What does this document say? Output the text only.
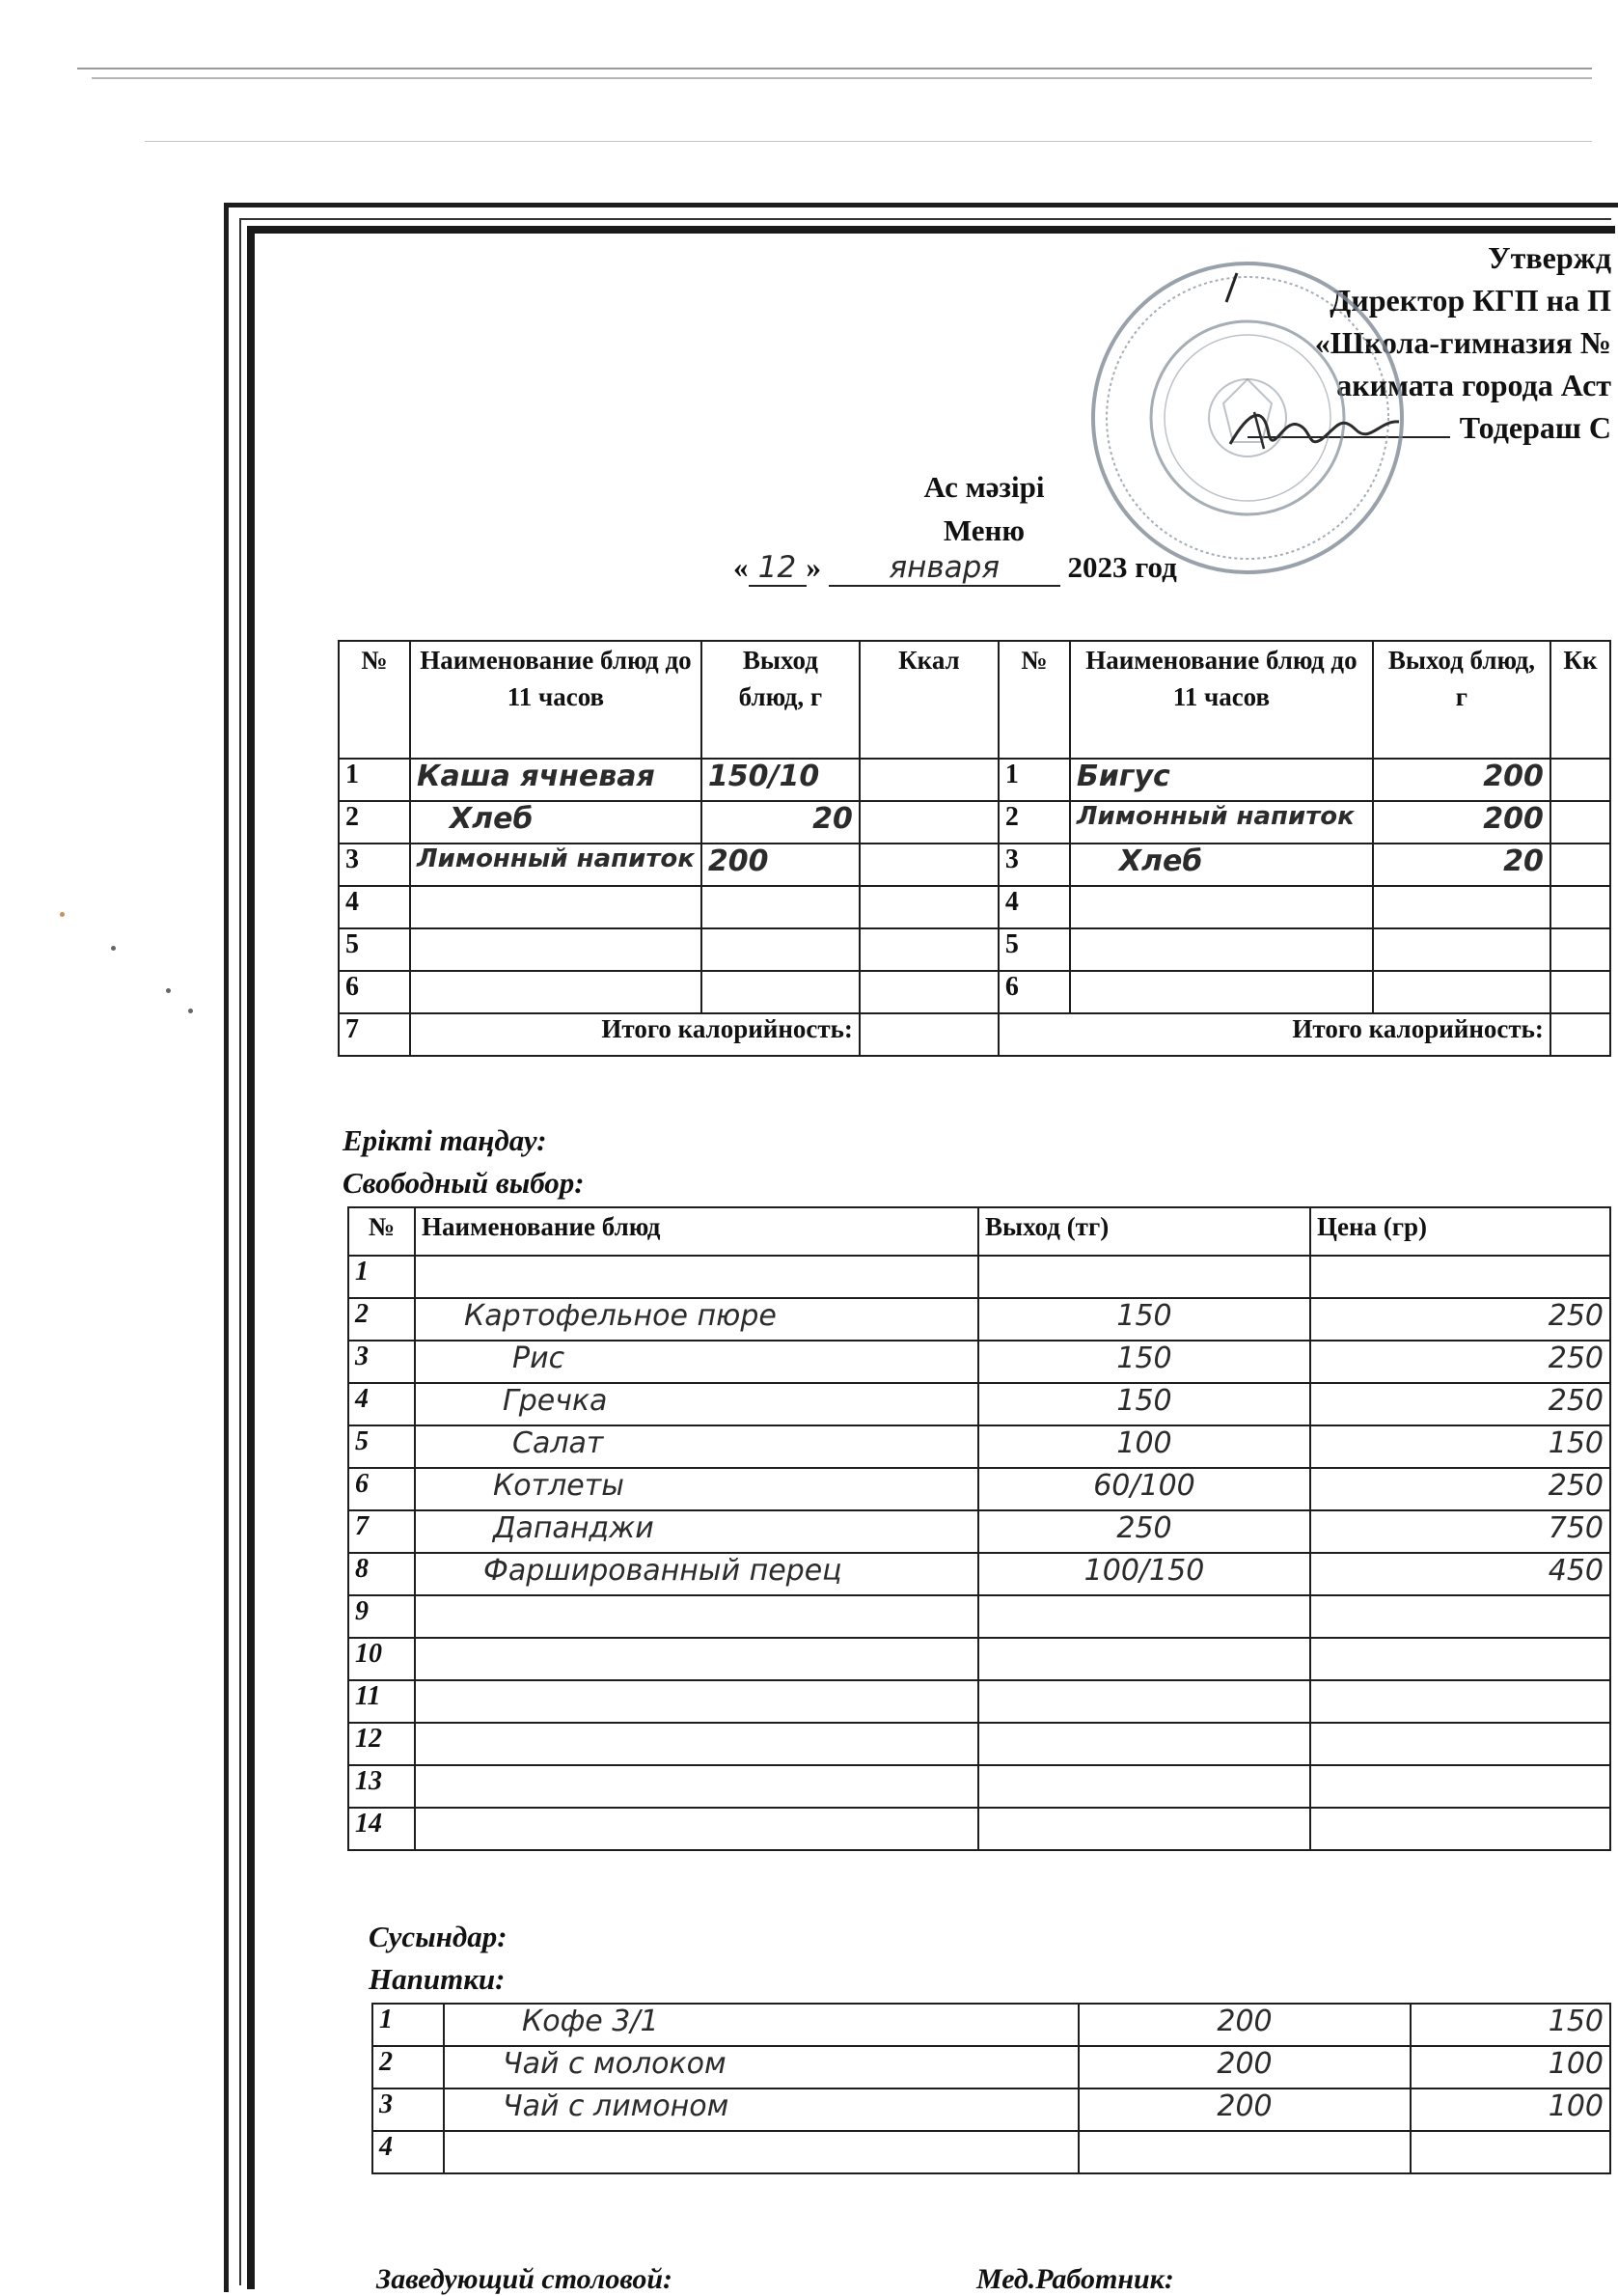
Утвержд
Директор КГП на П
«Школа-гимназия №
акимата города Аст
Тодераш С
Ас мәзірі
Меню
« 12 » января 2023 год
№	Наименование блюд до 11 часов	Выход блюд, г	Ккал	№	Наименование блюд до 11 часов	Выход блюд, г	Кк
1	Каша ячневая	150/10		1	Бигус	200	
2	Хлеб	20		2	Лимонный напиток	200	
3	Лимонный напиток	200		3	Хлеб	20	
4				4			
5				5			
6				6			
7	Итого калорийность:			Итого калорийность:			
Ерікті таңдау:
Свободный выбор:
№	Наименование блюд	Выход (тг)	Цена (гр)
1			
2	Картофельное пюре	150	250
3	Рис	150	250
4	Гречка	150	250
5	Салат	100	150
6	Котлеты	60/100	250
7	Дапанджи	250	750
8	Фаршированный перец	100/150	450
9			
10			
11			
12			
13			
14			
Сусындар:
Напитки:
1	Кофе 3/1	200	150
2	Чай с молоком	200	100
3	Чай с лимоном	200	100
4			
Заведующий столовой:	Мед.Работник:
